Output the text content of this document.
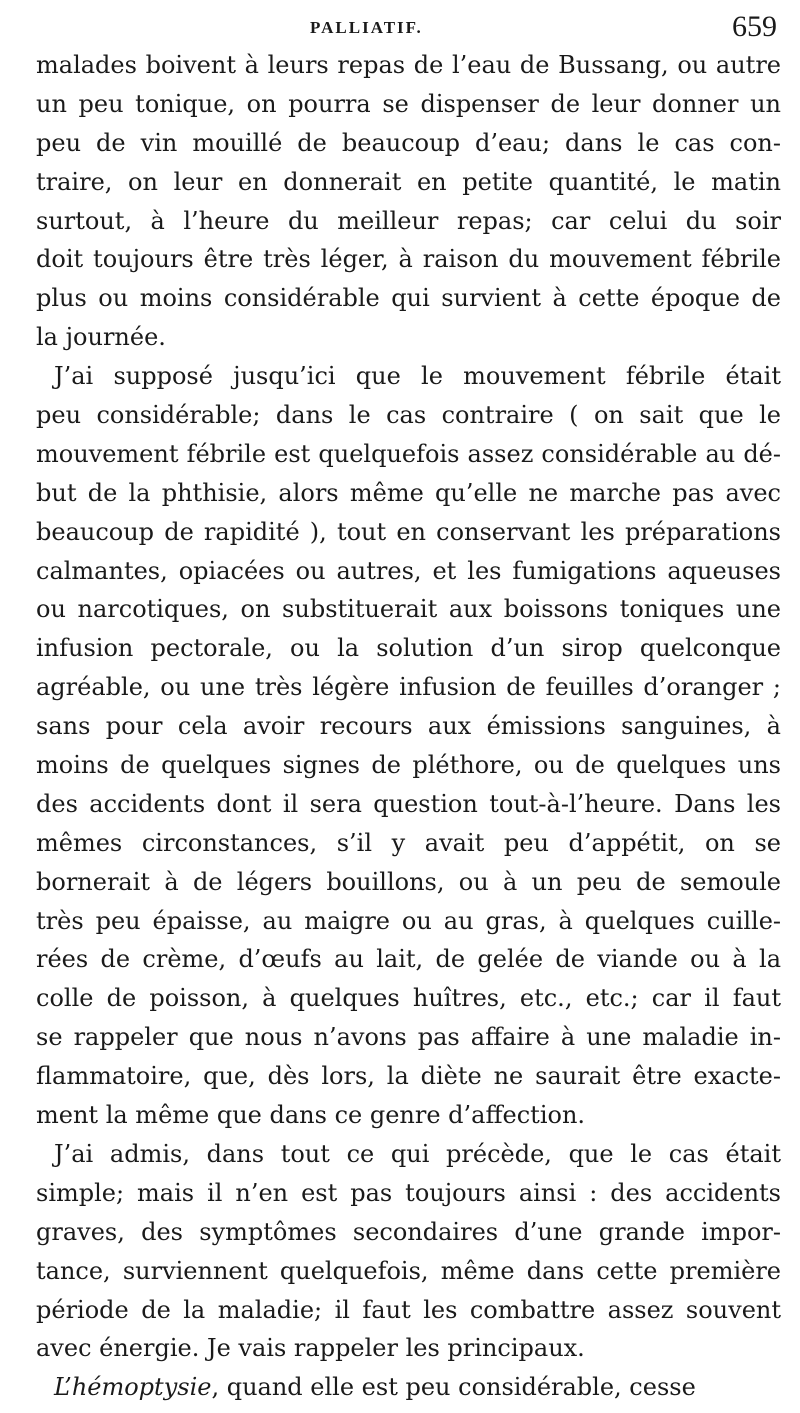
PALLIATIF.	659
malades boivent à leurs repas de l’eau de Bussang, ou autre
un peu tonique, on pourra se dispenser de leur donner un
peu de vin mouillé de beaucoup d’eau; dans le cas con-
traire, on leur en donnerait en petite quantité, le matin
surtout, à l’heure du meilleur repas; car celui du soir
doit toujours être très léger, à raison du mouvement fébrile
plus ou moins considérable qui survient à cette époque de
la journée.
J’ai supposé jusqu’ici que le mouvement fébrile était
peu considérable; dans le cas contraire ( on sait que le
mouvement fébrile est quelquefois assez considérable au dé-
but de la phthisie, alors même qu’elle ne marche pas avec
beaucoup de rapidité ), tout en conservant les préparations
calmantes, opiacées ou autres, et les fumigations aqueuses
ou narcotiques, on substituerait aux boissons toniques une
infusion pectorale, ou la solution d’un sirop quelconque
agréable, ou une très légère infusion de feuilles d’oranger ;
sans pour cela avoir recours aux émissions sanguines, à
moins de quelques signes de pléthore, ou de quelques uns
des accidents dont il sera question tout-à-l’heure. Dans les
mêmes circonstances, s’il y avait peu d’appétit, on se
bornerait à de légers bouillons, ou à un peu de semoule
très peu épaisse, au maigre ou au gras, à quelques cuille-
rées de crème, d’œufs au lait, de gelée de viande ou à la
colle de poisson, à quelques huîtres, etc., etc.; car il faut
se rappeler que nous n’avons pas affaire à une maladie in-
flammatoire, que, dès lors, la diète ne saurait être exacte-
ment la même que dans ce genre d’affection.
J’ai admis, dans tout ce qui précède, que le cas était
simple; mais il n’en est pas toujours ainsi : des accidents
graves, des symptômes secondaires d’une grande impor-
tance, surviennent quelquefois, même dans cette première
période de la maladie; il faut les combattre assez souvent
avec énergie. Je vais rappeler les principaux.
L’hémoptysie, quand elle est peu considérable, cesse
